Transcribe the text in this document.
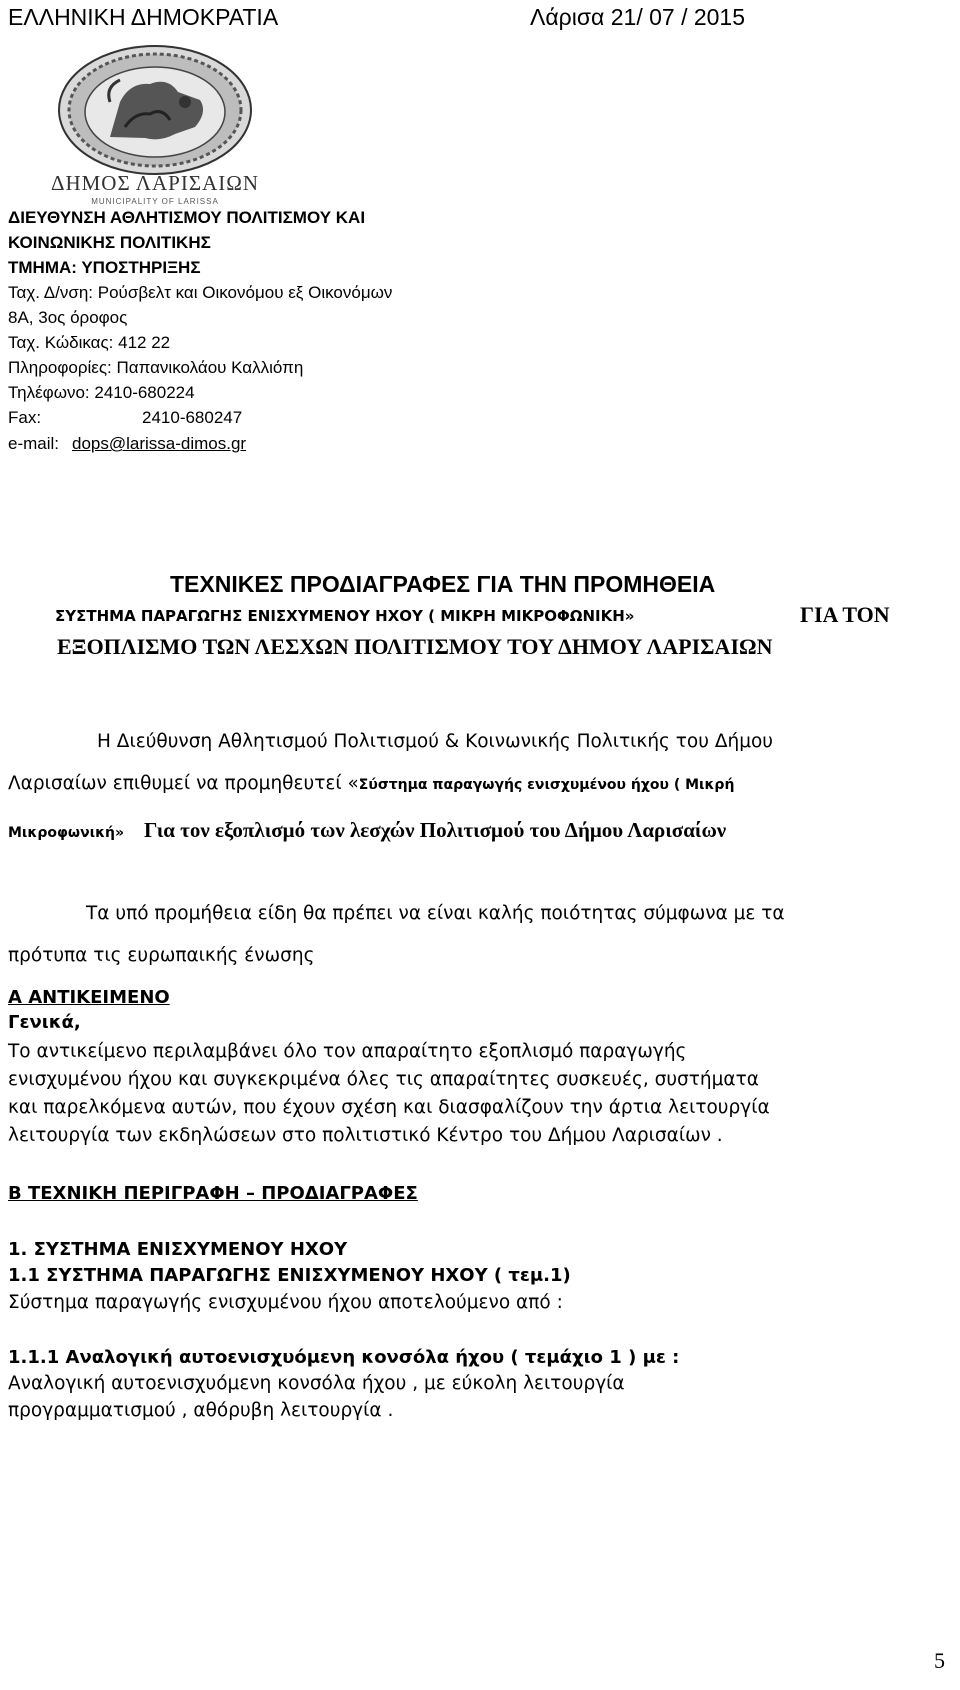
ΕΛΛΗΝΙΚΗ ΔΗΜΟΚΡΑΤΙΑ	Λάρισα 21/ 07 / 2015
ΔΗΜΟΣ ΛΑΡΙΣΑΙΩΝ
MUNICIPALITY OF LARISSA
ΔΙΕΥΘΥΝΣΗ ΑΘΛΗΤΙΣΜΟΥ ΠΟΛΙΤΙΣΜΟΥ ΚΑΙ
ΚΟΙΝΩΝΙΚΗΣ ΠΟΛΙΤΙΚΗΣ
ΤΜΗΜΑ: ΥΠΟΣΤΗΡΙΞΗΣ
Ταχ. Δ/νση: Ρούσβελτ και Οικονόμου εξ Οικονόμων
8Α, 3ος όροφος
Ταχ. Κώδικας: 412 22
Πληροφορίες: Παπανικολάου Καλλιόπη
Τηλέφωνο: 2410-680224
Fax:	2410-680247
e-mail: dops@larissa-dimos.gr
ΤΕΧΝΙΚΕΣ ΠΡΟΔΙΑΓΡΑΦΕΣ ΓΙΑ ΤΗΝ ΠΡΟΜΗΘΕΙΑ
ΣΥΣΤΗΜΑ ΠΑΡΑΓΩΓΗΣ ΕΝΙΣΧΥΜΕΝΟΥ ΗΧΟΥ ( ΜΙΚΡΗ ΜΙΚΡΟΦΩΝΙΚΗ»	ΓΙΑ ΤΟΝ
ΕΞΟΠΛΙΣΜΟ ΤΩΝ ΛΕΣΧΩΝ ΠΟΛΙΤΙΣΜΟΥ ΤΟΥ ΔΗΜΟΥ ΛΑΡΙΣΑΙΩΝ
Η Διεύθυνση Αθλητισμού Πολιτισμού & Κοινωνικής Πολιτικής του Δήμου
Λαρισαίων επιθυμεί να προμηθευτεί «Σύστημα παραγωγής ενισχυμένου ήχου ( Μικρή
Μικροφωνική» Για τον εξοπλισμό των λεσχών Πολιτισμού του Δήμου Λαρισαίων
Τα υπό προμήθεια είδη θα πρέπει να είναι καλής ποιότητας σύμφωνα με τα
πρότυπα τις ευρωπαικής ένωσης
Α ΑΝΤΙΚΕΙΜΕΝΟ
Γενικά,
Το αντικείμενο περιλαμβάνει όλο τον απαραίτητο εξοπλισμό παραγωγής
ενισχυμένου ήχου και συγκεκριμένα όλες τις απαραίτητες συσκευές, συστήματα
και παρελκόμενα αυτών, που έχουν σχέση και διασφαλίζουν την άρτια λειτουργία
λειτουργία των εκδηλώσεων στο πολιτιστικό Κέντρο του Δήμου Λαρισαίων .
Β ΤΕΧΝΙΚΗ ΠΕΡΙΓΡΑΦΗ – ΠΡΟΔΙΑΓΡΑΦΕΣ
1. ΣΥΣΤΗΜΑ ΕΝΙΣΧΥΜΕΝΟΥ ΗΧΟΥ
1.1 ΣΥΣΤΗΜΑ ΠΑΡΑΓΩΓΗΣ ΕΝΙΣΧΥΜΕΝΟΥ ΗΧΟΥ ( τεμ.1)
Σύστημα παραγωγής ενισχυμένου ήχου αποτελούμενο από :
1.1.1 Αναλογική αυτοενισχυόμενη κονσόλα ήχου ( τεμάχιο 1 ) με :
Αναλογική αυτοενισχυόμενη κονσόλα ήχου , με εύκολη λειτουργία
προγραμματισμού , αθόρυβη λειτουργία .
5
